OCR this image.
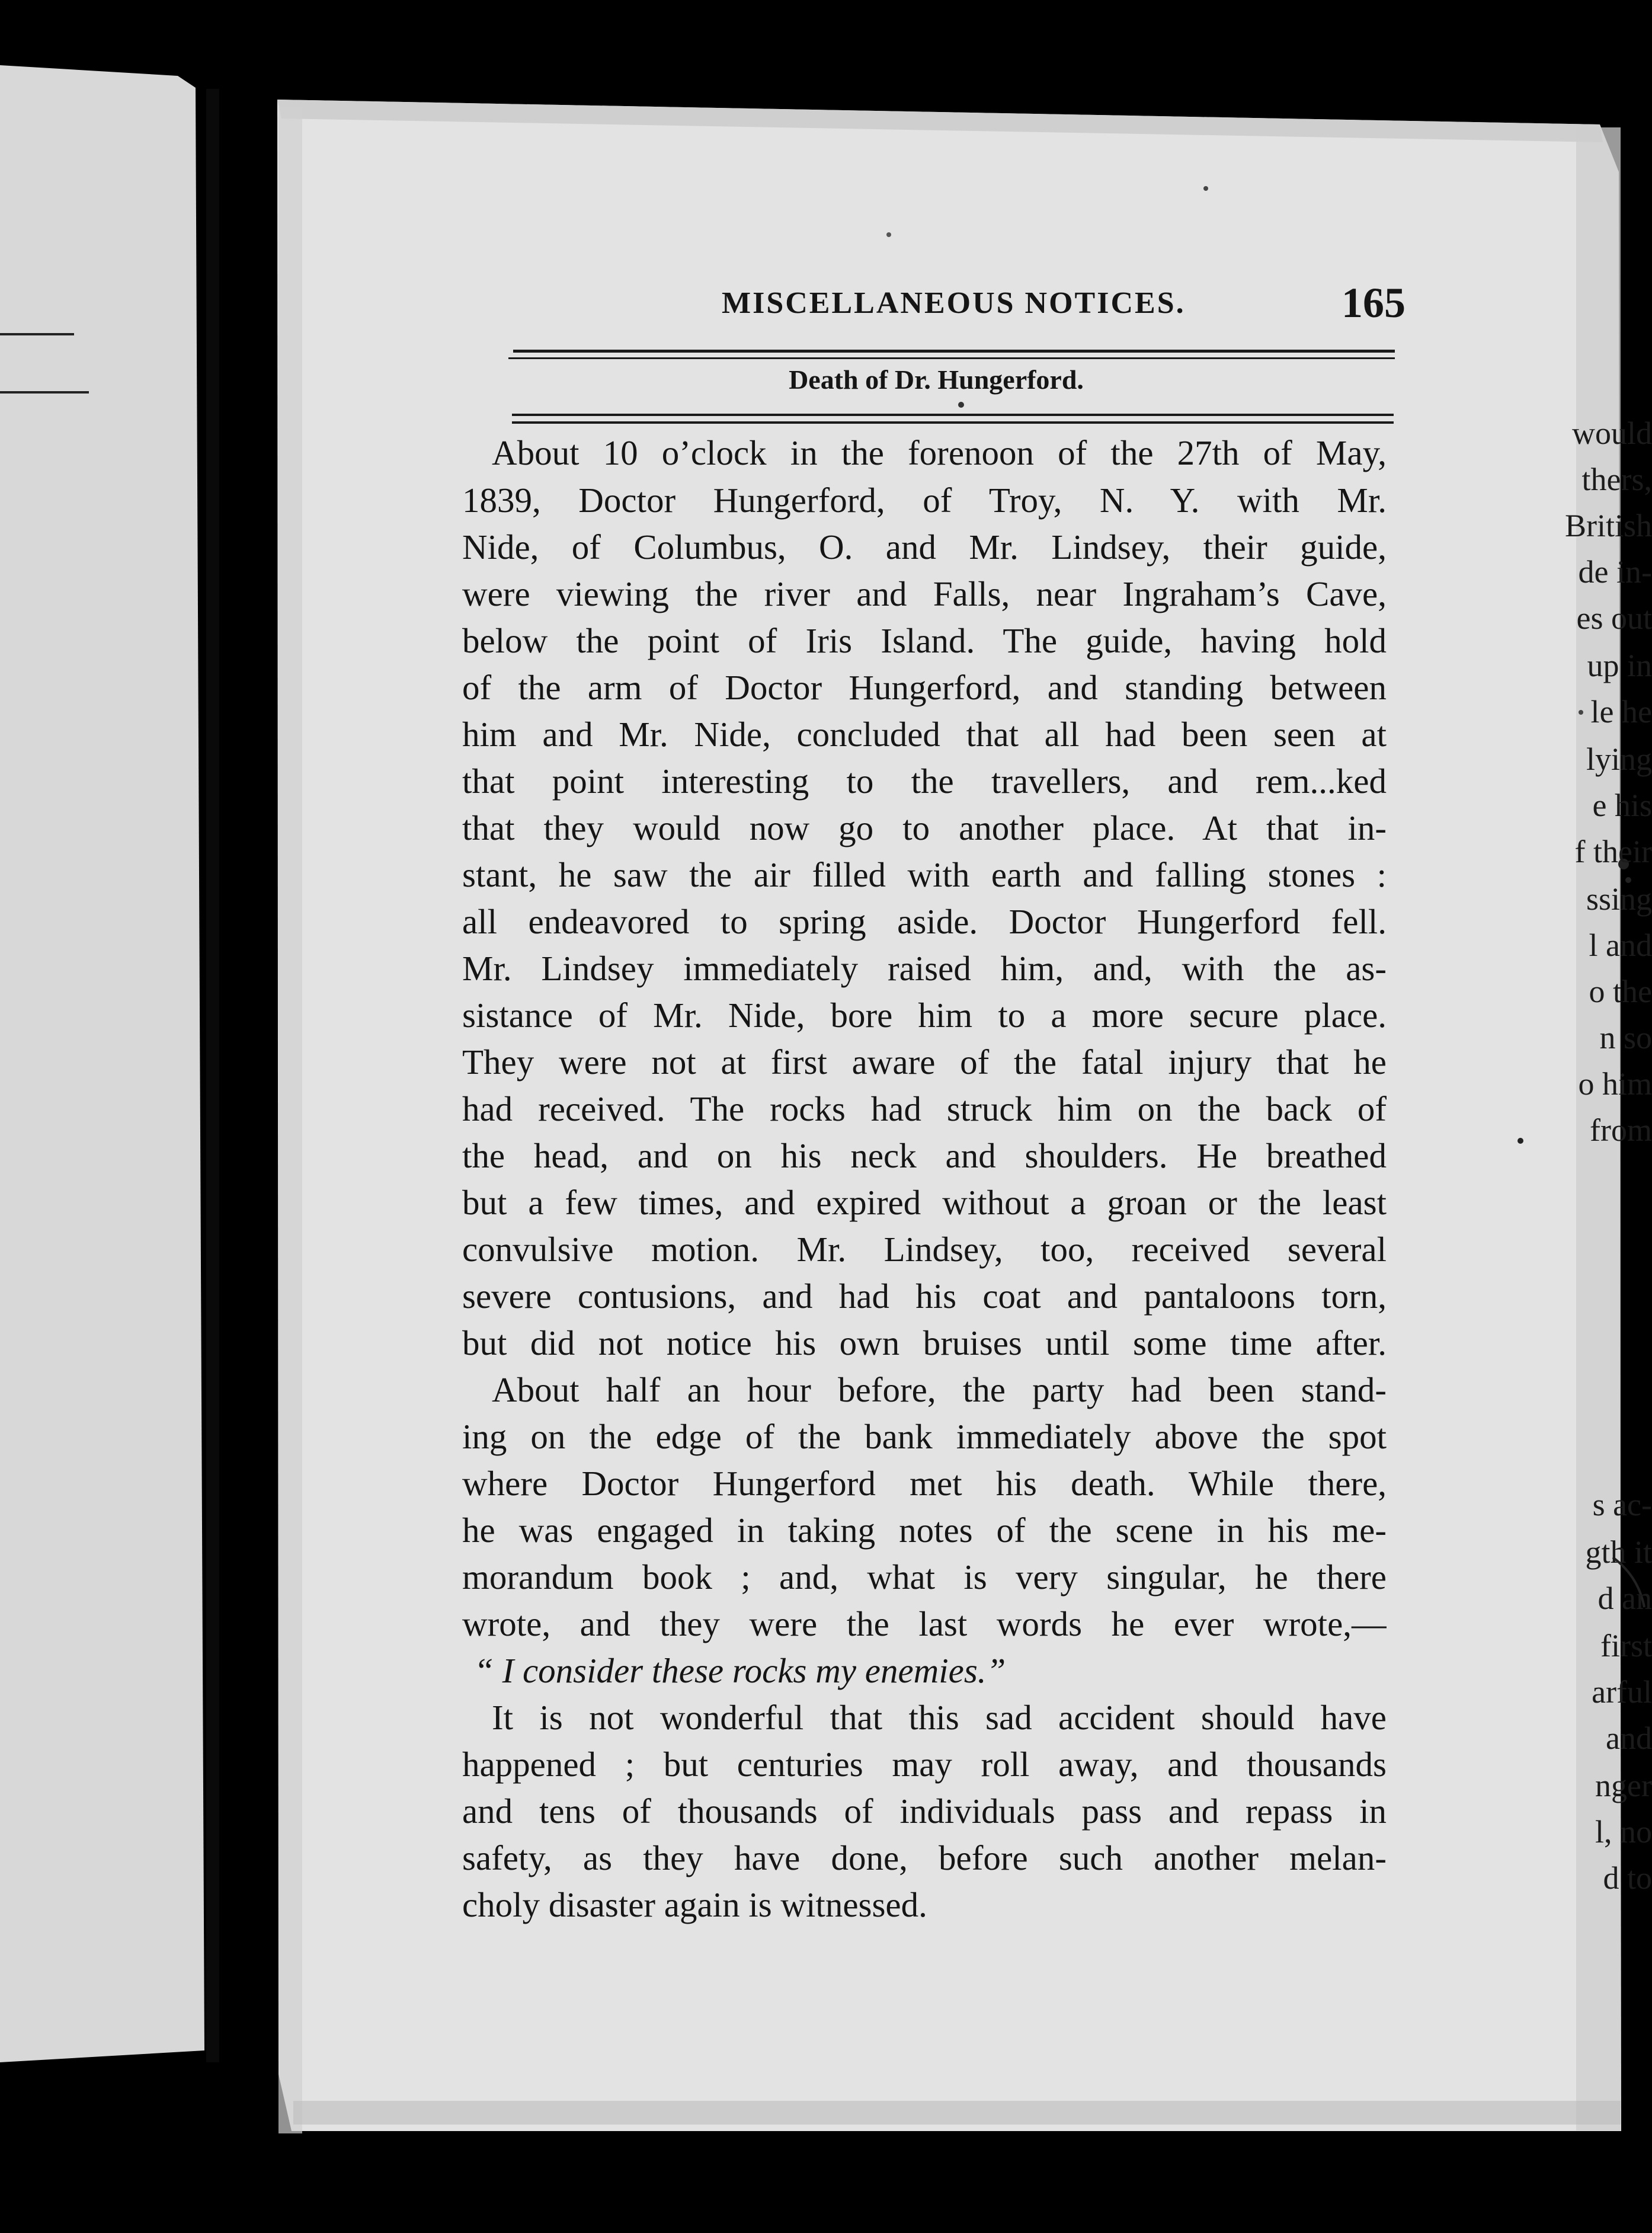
would
thers,
British
de in-
es out
up in
le he
lying
e his
f their
ssing
l and
o the
n so
o him
from
s ac-
gth it
d an
first
arful
and
nger
l, no
d to
MISCELLANEOUS NOTICES.	165
Death of Dr. Hungerford.
About 10 o’clock in the forenoon of the 27th of May,
1839, Doctor Hungerford, of Troy, N. Y. with Mr.
Nide, of Columbus, O. and Mr. Lindsey, their guide,
were viewing the river and Falls, near Ingraham’s Cave,
below the point of Iris Island. The guide, having hold
of the arm of Doctor Hungerford, and standing between
him and Mr. Nide, concluded that all had been seen at
that point interesting to the travellers, and rem...ked
that they would now go to another place. At that in-
stant, he saw the air filled with earth and falling stones :
all endeavored to spring aside. Doctor Hungerford fell.
Mr. Lindsey immediately raised him, and, with the as-
sistance of Mr. Nide, bore him to a more secure place.
They were not at first aware of the fatal injury that he
had received. The rocks had struck him on the back of
the head, and on his neck and shoulders. He breathed
but a few times, and expired without a groan or the least
convulsive motion. Mr. Lindsey, too, received several
severe contusions, and had his coat and pantaloons torn,
but did not notice his own bruises until some time after.
About half an hour before, the party had been stand-
ing on the edge of the bank immediately above the spot
where Doctor Hungerford met his death. While there,
he was engaged in taking notes of the scene in his me-
morandum book ; and, what is very singular, he there
wrote, and they were the last words he ever wrote,—
“ I consider these rocks my enemies.”
It is not wonderful that this sad accident should have
happened ; but centuries may roll away, and thousands
and tens of thousands of individuals pass and repass in
safety, as they have done, before such another melan-
choly disaster again is witnessed.
